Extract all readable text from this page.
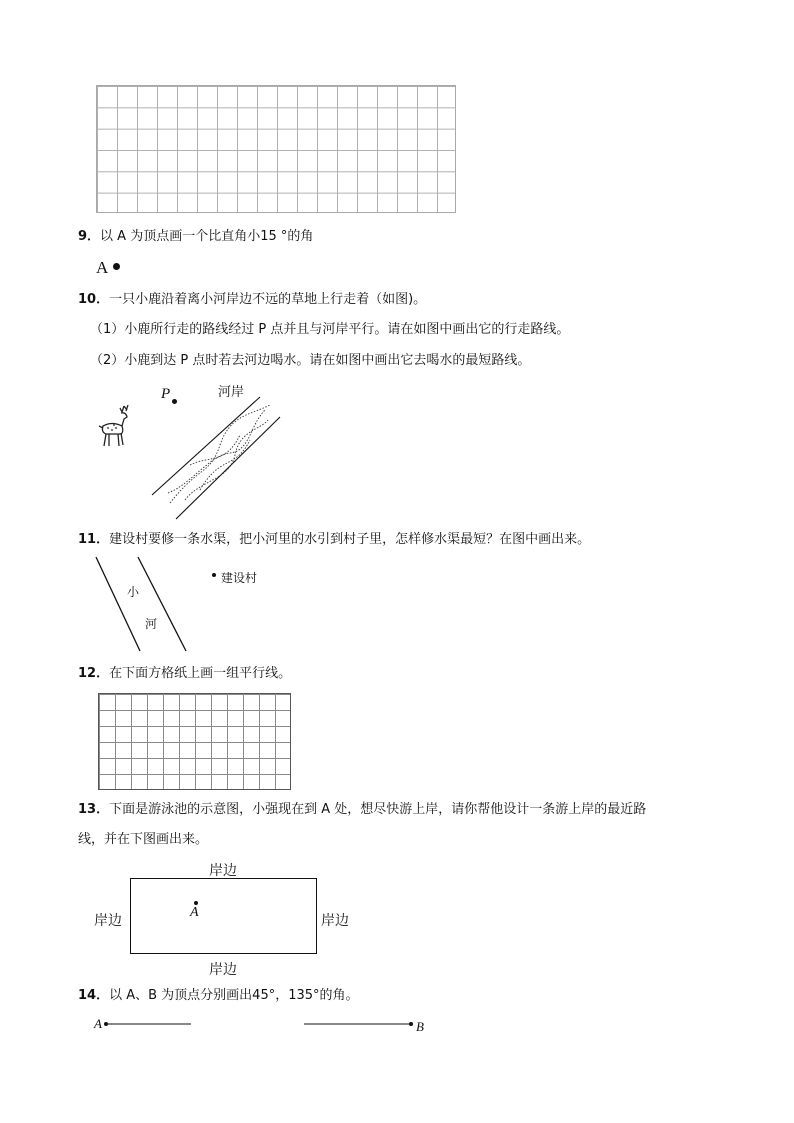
9．以 A 为顶点画一个比直角小15 °的角
A
10．一只小鹿沿着离小河岸边不远的草地上行走着（如图)。
（1）小鹿所行走的路线经过 P 点并且与河岸平行。请在如图中画出它的行走路线。
（2）小鹿到达 P 点时若去河边喝水。请在如图中画出它去喝水的最短路线。
P	河岸
11．建设村要修一条水渠，把小河里的水引到村子里，怎样修水渠最短？在图中画出来。
小
河
建设村
12．在下面方格纸上画一组平行线。
13．下面是游泳池的示意图，小强现在到 A 处，想尽快游上岸，请你帮他设计一条游上岸的最近路
线，并在下图画出来。
岸边
岸边	岸边
岸边
A
14．以 A、B 为顶点分别画出45°，135°的角。
A	B
